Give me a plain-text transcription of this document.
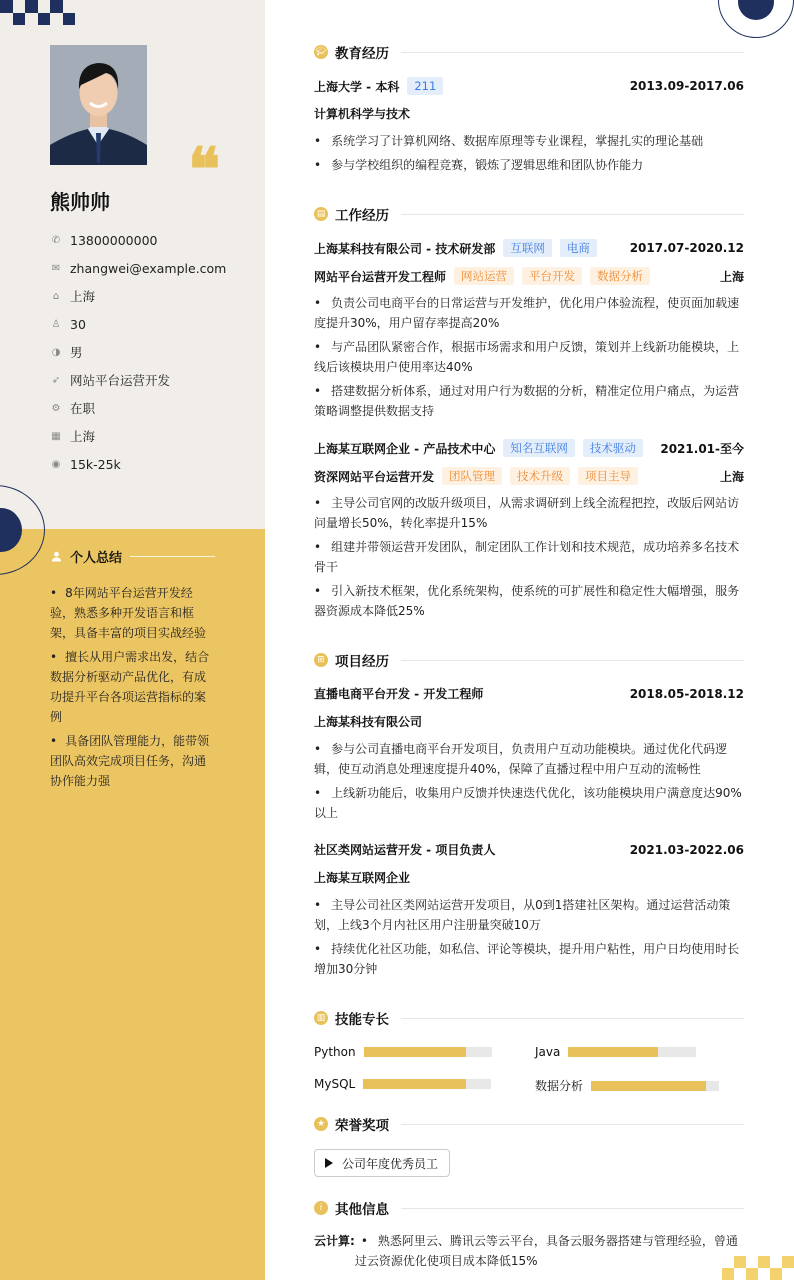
❝
熊帅帅
✆ 13800000000
✉ zhangwei@example.com
⌂ 上海
♙ 30
◑ 男
➶ 网站平台运营开发
⚙ 在职
▦ 上海
◉ 15k-25k
个人总结
• 8年网站平台运营开发经验，熟悉多种开发语言和框架，具备丰富的项目实战经验
• 擅长从用户需求出发，结合数据分析驱动产品优化，有成功提升平台各项运营指标的案例
• 具备团队管理能力，能带领团队高效完成项目任务，沟通协作能力强
🎓︎ 教育经历
上海大学 - 本科	211	2013.09-2017.06
计算机科学与技术
• 系统学习了计算机网络、数据库原理等专业课程，掌握扎实的理论基础
• 参与学校组织的编程竞赛，锻炼了逻辑思维和团队协作能力
▤ 工作经历
上海某科技有限公司 - 技术研发部	互联网	电商	2017.07-2020.12
网站平台运营开发工程师	网站运营	平台开发	数据分析	上海
• 负责公司电商平台的日常运营与开发维护，优化用户体验流程，使页面加载速度提升30%，用户留存率提高20%
• 与产品团队紧密合作，根据市场需求和用户反馈，策划并上线新功能模块，上线后该模块用户使用率达40%
• 搭建数据分析体系，通过对用户行为数据的分析，精准定位用户痛点，为运营策略调整提供数据支持
上海某互联网企业 - 产品技术中心	知名互联网	技术驱动	2021.01-至今
资深网站平台运营开发	团队管理	技术升级	项目主导	上海
• 主导公司官网的改版升级项目，从需求调研到上线全流程把控，改版后网站访问量增长50%，转化率提升15%
• 组建并带领运营开发团队，制定团队工作计划和技术规范，成功培养多名技术骨干
• 引入新技术框架，优化系统架构，使系统的可扩展性和稳定性大幅增强，服务器资源成本降低25%
⊞ 项目经历
直播电商平台开发 - 开发工程师	2018.05-2018.12
上海某科技有限公司
• 参与公司直播电商平台开发项目，负责用户互动功能模块。通过优化代码逻辑，使互动消息处理速度提升40%，保障了直播过程中用户互动的流畅性
• 上线新功能后，收集用户反馈并快速迭代优化，该功能模块用户满意度达90%以上
社区类网站运营开发 - 项目负责人	2021.03-2022.06
上海某互联网企业
• 主导公司社区类网站运营开发项目，从0到1搭建社区架构。通过运营活动策划，上线3个月内社区用户注册量突破10万
• 持续优化社区功能，如私信、评论等模块，提升用户粘性，用户日均使用时长增加30分钟
▥ 技能专长
Python	Java
MySQL	数据分析
★ 荣誉奖项
公司年度优秀员工
i 其他信息
云计算:
•	熟悉阿里云、腾讯云等云平台，具备云服务器搭建与管理经验，曾通过云资源优化使项目成本降低15%
